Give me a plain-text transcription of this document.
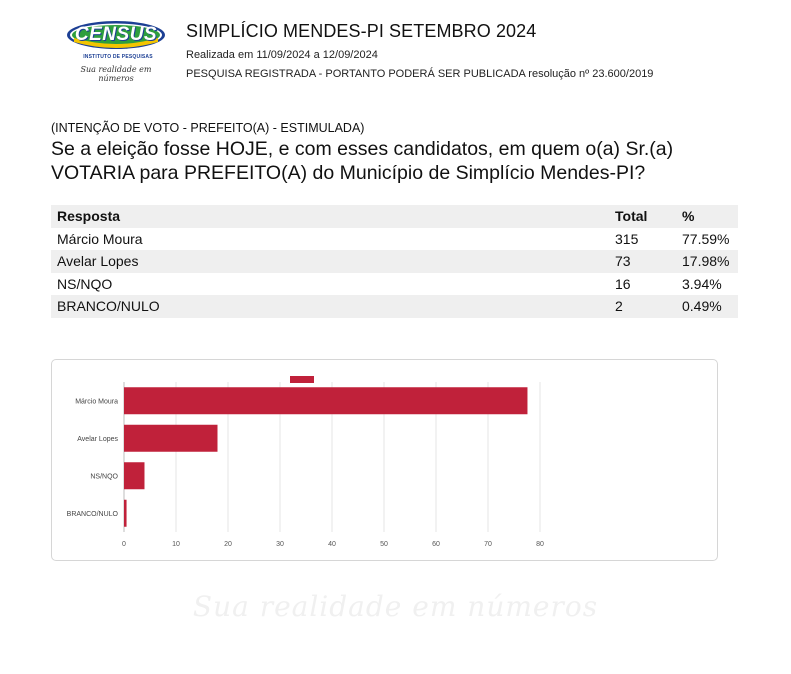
CENSUS
INSTITUTO DE PESQUISAS
Sua realidade em números
SIMPLÍCIO MENDES-PI SETEMBRO 2024
Realizada em 11/09/2024 a 12/09/2024
PESQUISA REGISTRADA - PORTANTO PODERÁ SER PUBLICADA resolução nº 23.600/2019
(INTENÇÃO DE VOTO - PREFEITO(A) - ESTIMULADA)
Se a eleição fosse HOJE, e com esses candidatos, em quem o(a) Sr.(a) VOTARIA para PREFEITO(A) do Município de Simplício Mendes-PI?
Resposta	Total	%
Márcio Moura	315	77.59%
Avelar Lopes	73	17.98%
NS/NQO	16	3.94%
BRANCO/NULO	2	0.49%
0	10	20	30	40	50	60	70	80
Márcio Moura
Avelar Lopes
NS/NQO
BRANCO/NULO
Sua realidade em números
